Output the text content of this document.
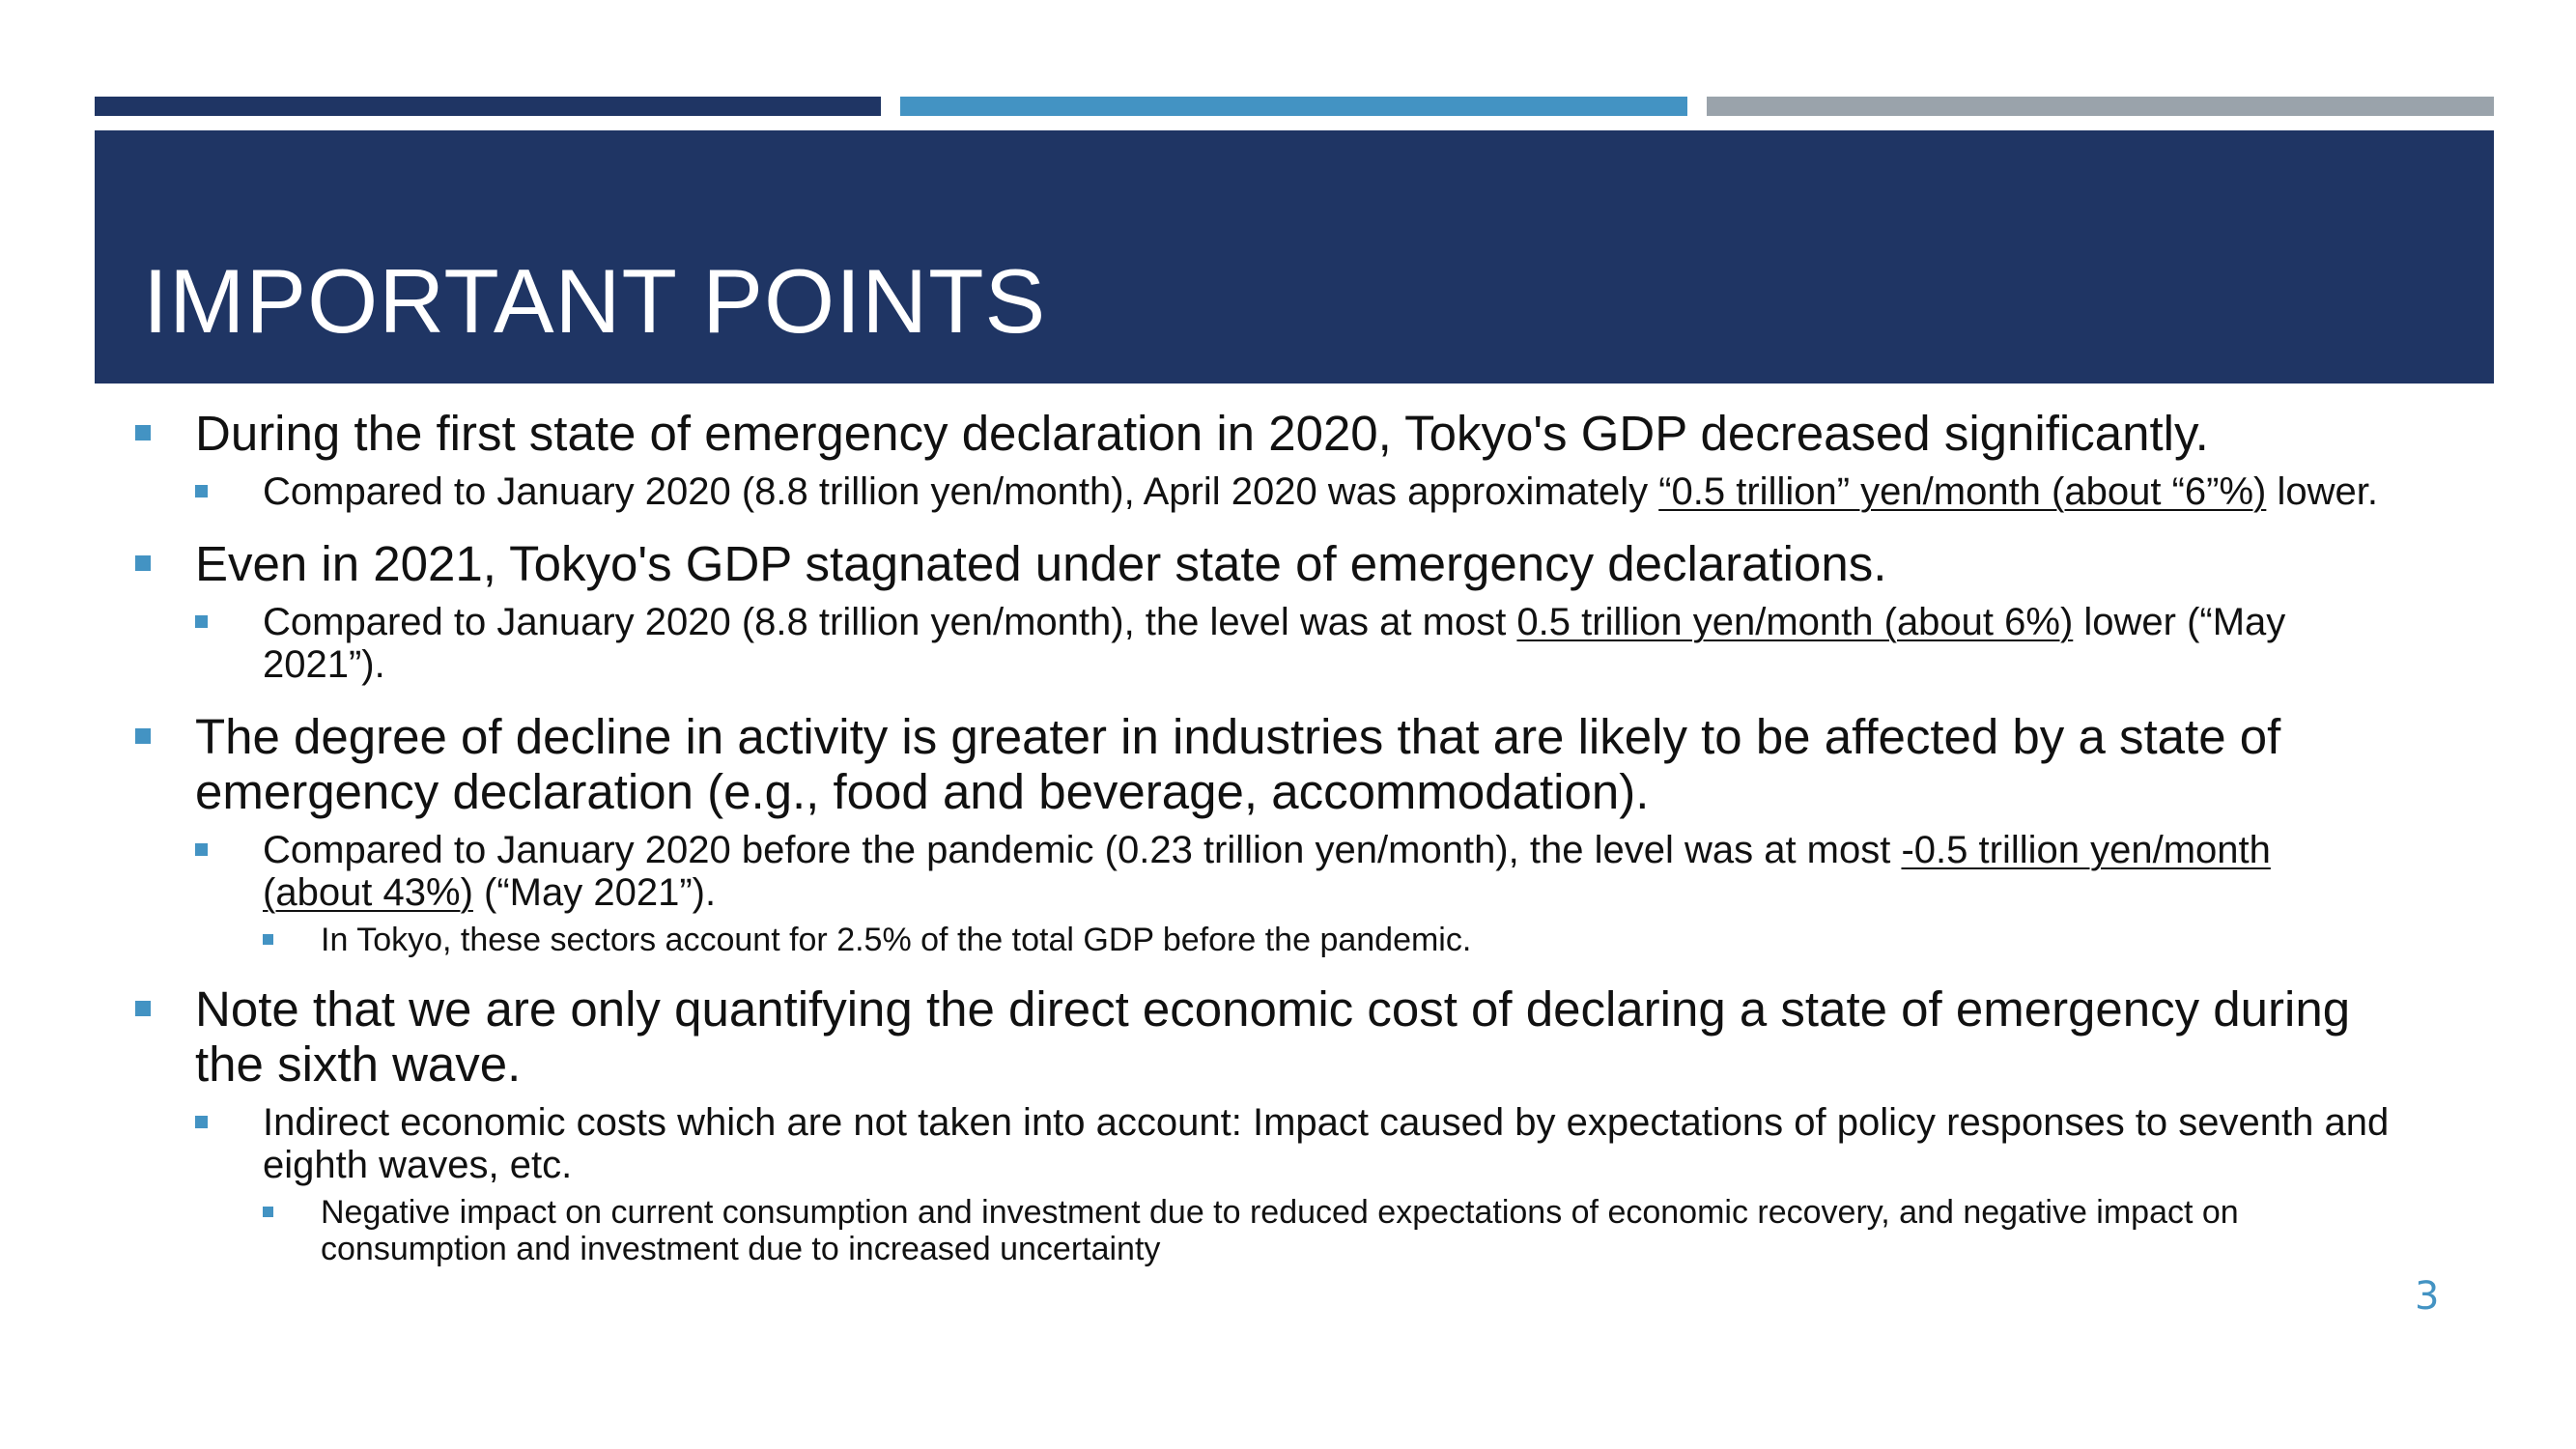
IMPORTANT POINTS
During the first state of emergency declaration in 2020, Tokyo's GDP decreased significantly.
Compared to January 2020 (8.8 trillion yen/month), April 2020 was approximately “0.5 trillion” yen/month (about “6”%) lower.
Even in 2021, Tokyo's GDP stagnated under state of emergency declarations.
Compared to January 2020 (8.8 trillion yen/month), the level was at most 0.5 trillion yen/month (about 6%) lower (“May 2021”).
The degree of decline in activity is greater in industries that are likely to be affected by a state of emergency declaration (e.g., food and beverage, accommodation).
Compared to January 2020 before the pandemic (0.23 trillion yen/month), the level was at most -0.5 trillion yen/month
(about 43%) (“May 2021”).
In Tokyo, these sectors account for 2.5% of the total GDP before the pandemic.
Note that we are only quantifying the direct economic cost of declaring a state of emergency during the sixth wave.
Indirect economic costs which are not taken into account: Impact caused by expectations of policy responses to seventh and eighth waves, etc.
Negative impact on current consumption and investment due to reduced expectations of economic recovery, and negative impact on consumption and investment due to increased uncertainty
3
